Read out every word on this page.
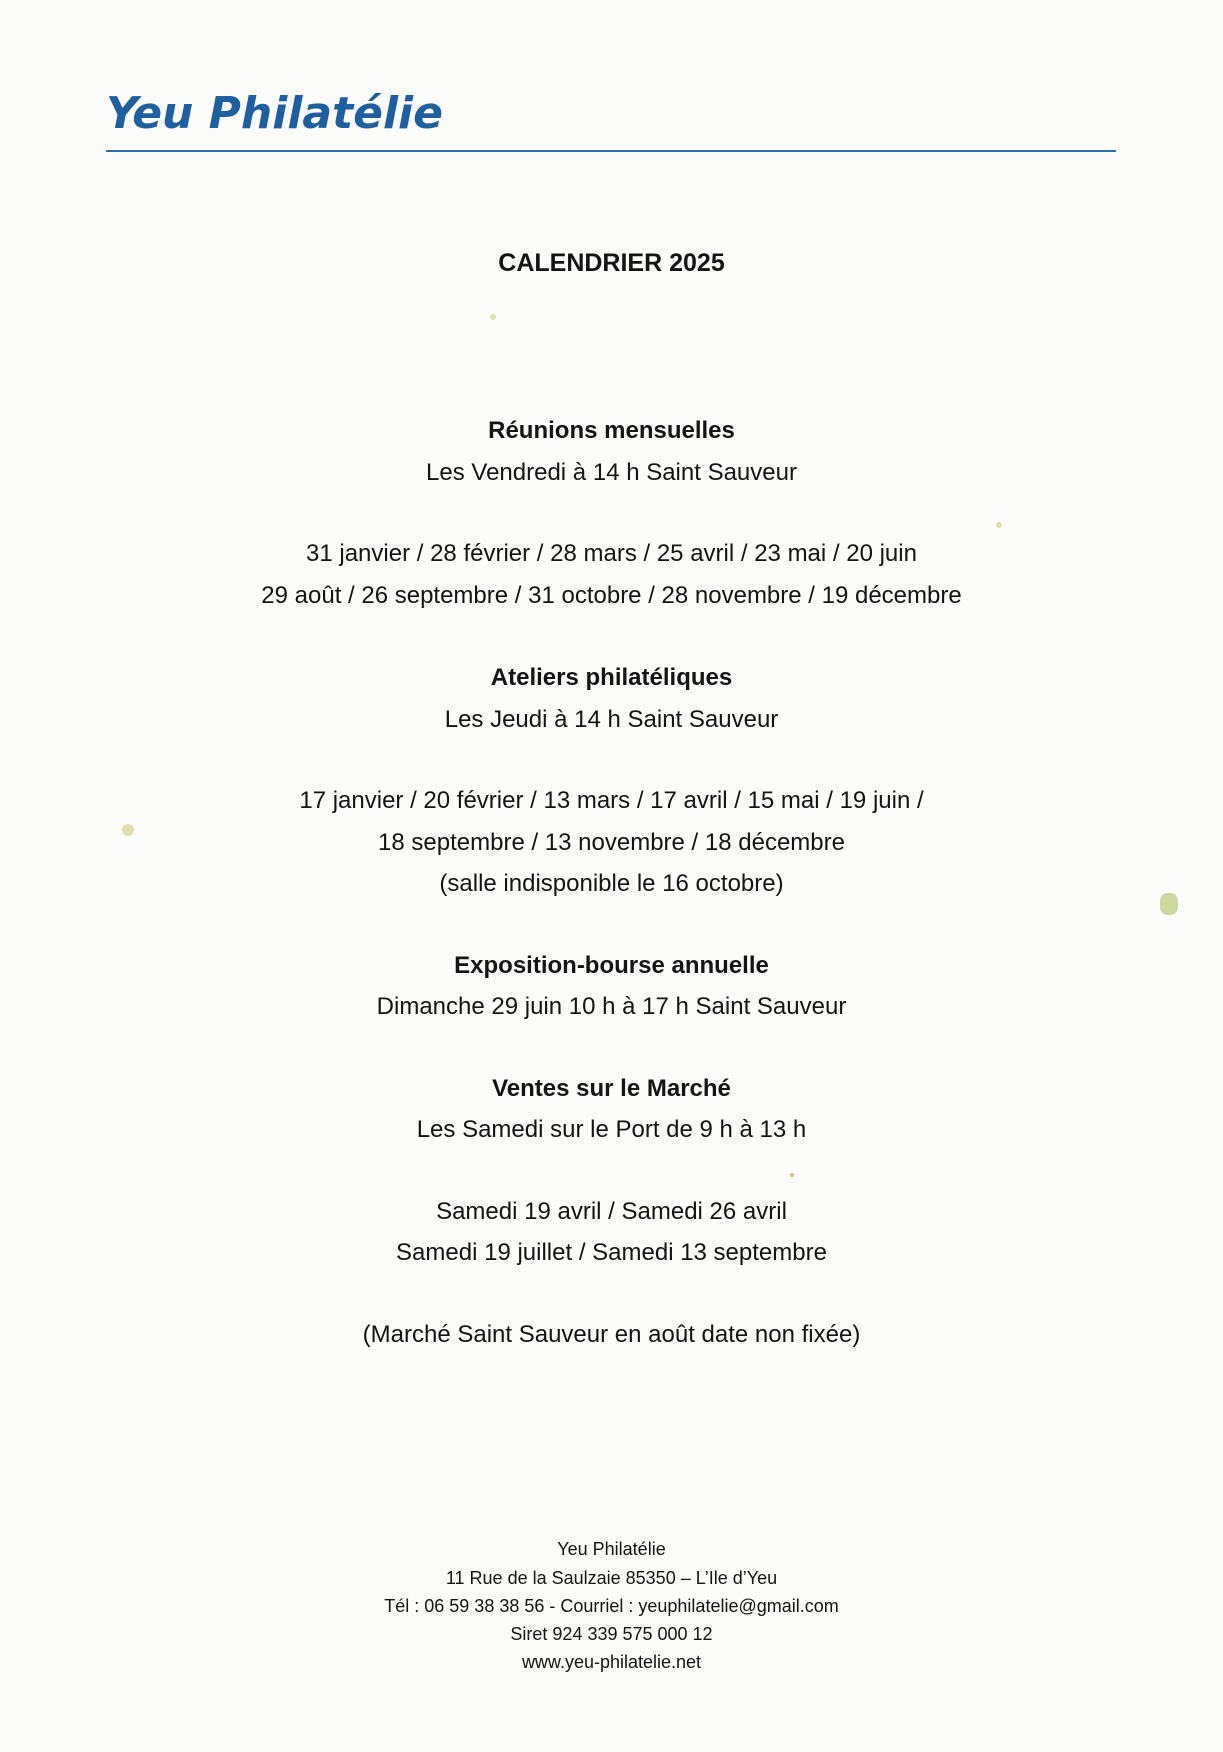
Yeu Philatélie
CALENDRIER 2025
Réunions mensuelles
Les Vendredi à 14 h Saint Sauveur
31 janvier / 28 février / 28 mars / 25 avril / 23 mai / 20 juin
29 août / 26 septembre / 31 octobre / 28 novembre / 19 décembre
Ateliers philatéliques
Les Jeudi à 14 h Saint Sauveur
17 janvier / 20 février / 13 mars / 17 avril / 15 mai / 19 juin /
18 septembre / 13 novembre / 18 décembre
(salle indisponible le 16 octobre)
Exposition-bourse annuelle
Dimanche 29 juin 10 h à 17 h Saint Sauveur
Ventes sur le Marché
Les Samedi sur le Port de 9 h à 13 h
Samedi 19 avril / Samedi 26 avril
Samedi 19 juillet / Samedi 13 septembre
(Marché Saint Sauveur en août date non fixée)
Yeu Philatélie
11 Rue de la Saulzaie 85350 – L’Ile d’Yeu
Tél : 06 59 38 38 56 - Courriel : yeuphilatelie@gmail.com
Siret 924 339 575 000 12
www.yeu-philatelie.net
